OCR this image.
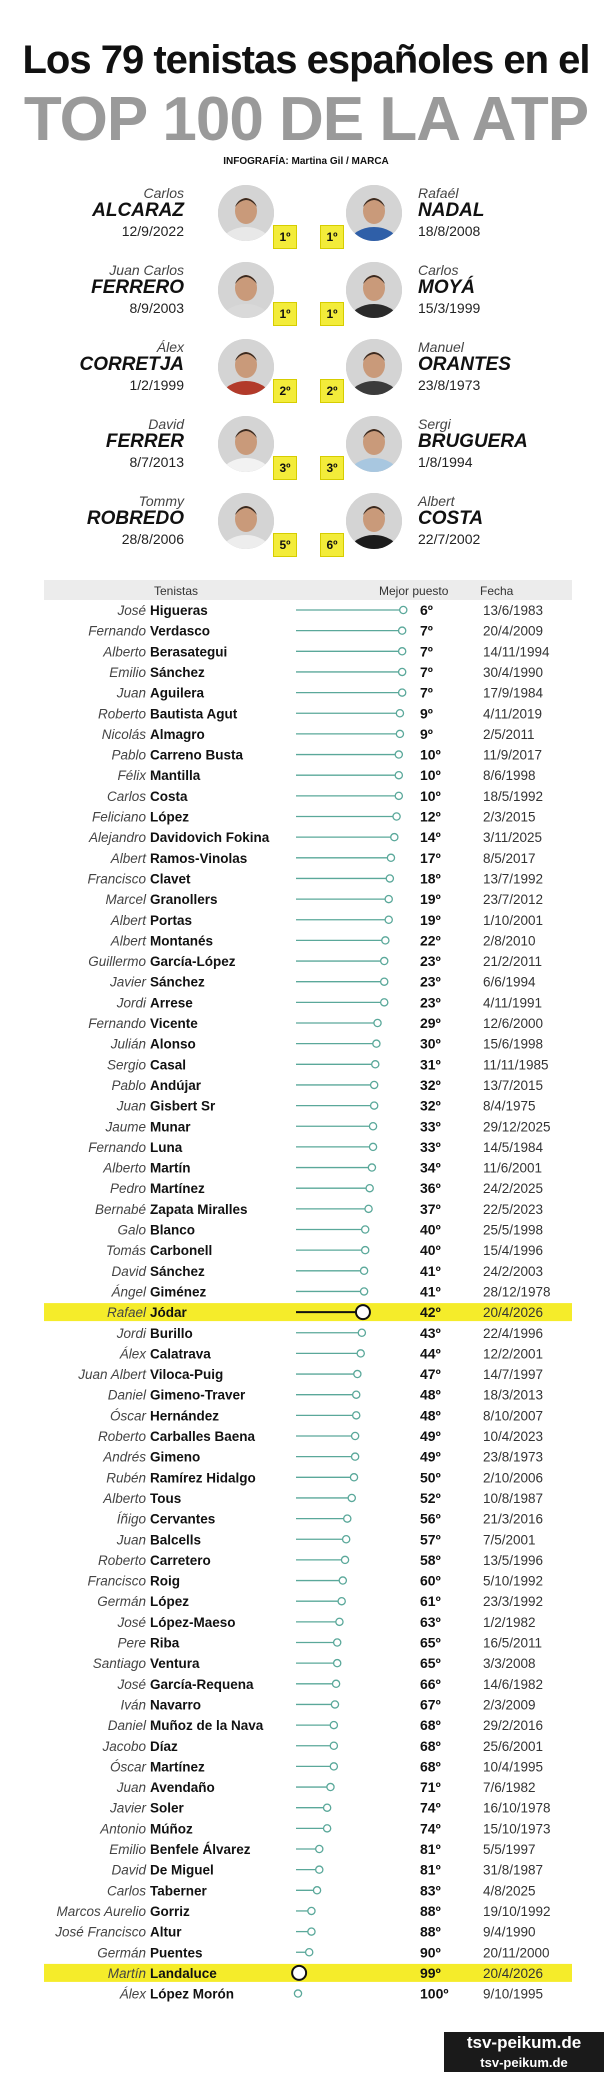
Los 79 tenistas españoles en el
TOP 100 DE LA ATP
INFOGRAFÍA: Martina Gil / MARCA
Carlos
ALCARAZ
12/9/2022	1º	1º
Rafaél
NADAL
18/8/2008
Juan Carlos
FERRERO
8/9/2003	1º	1º
Carlos
MOYÁ
15/3/1999
Álex
CORRETJA
1/2/1999	2º	2º
Manuel
ORANTES
23/8/1973
David
FERRER
8/7/2013	3º	3º
Sergi
BRUGUERA
1/8/1994
Tommy
ROBREDO
28/8/2006	5º	6º
Albert
COSTA
22/7/2002
Tenistas	Mejor puesto	Fecha
José Higueras	6º	13/6/1983
Fernando Verdasco	7º	20/4/2009
Alberto Berasategui	7º	14/11/1994
Emilio Sánchez	7º	30/4/1990
Juan Aguilera	7º	17/9/1984
Roberto Bautista Agut	9º	4/11/2019
Nicolás Almagro	9º	2/5/2011
Pablo Carreno Busta	10º	11/9/2017
Félix Mantilla	10º	8/6/1998
Carlos Costa	10º	18/5/1992
Feliciano López	12º	2/3/2015
Alejandro Davidovich Fokina	14º	3/11/2025
Albert Ramos-Vinolas	17º	8/5/2017
Francisco Clavet	18º	13/7/1992
Marcel Granollers	19º	23/7/2012
Albert Portas	19º	1/10/2001
Albert Montanés	22º	2/8/2010
Guillermo García-López	23º	21/2/2011
Javier Sánchez	23º	6/6/1994
Jordi Arrese	23º	4/11/1991
Fernando Vicente	29º	12/6/2000
Julián Alonso	30º	15/6/1998
Sergio Casal	31º	11/11/1985
Pablo Andújar	32º	13/7/2015
Juan Gisbert Sr	32º	8/4/1975
Jaume Munar	33º	29/12/2025
Fernando Luna	33º	14/5/1984
Alberto Martín	34º	11/6/2001
Pedro Martínez	36º	24/2/2025
Bernabé Zapata Miralles	37º	22/5/2023
Galo Blanco	40º	25/5/1998
Tomás Carbonell	40º	15/4/1996
David Sánchez	41º	24/2/2003
Ángel Giménez	41º	28/12/1978
Rafael Jódar	42º	20/4/2026
Jordi Burillo	43º	22/4/1996
Álex Calatrava	44º	12/2/2001
Juan Albert Viloca-Puig	47º	14/7/1997
Daniel Gimeno-Traver	48º	18/3/2013
Óscar Hernández	48º	8/10/2007
Roberto Carballes Baena	49º	10/4/2023
Andrés Gimeno	49º	23/8/1973
Rubén Ramírez Hidalgo	50º	2/10/2006
Alberto Tous	52º	10/8/1987
Íñigo Cervantes	56º	21/3/2016
Juan Balcells	57º	7/5/2001
Roberto Carretero	58º	13/5/1996
Francisco Roig	60º	5/10/1992
Germán López	61º	23/3/1992
José López-Maeso	63º	1/2/1982
Pere Riba	65º	16/5/2011
Santiago Ventura	65º	3/3/2008
José García-Requena	66º	14/6/1982
Iván Navarro	67º	2/3/2009
Daniel Muñoz de la Nava	68º	29/2/2016
Jacobo Díaz	68º	25/6/2001
Óscar Martínez	68º	10/4/1995
Juan Avendaño	71º	7/6/1982
Javier Soler	74º	16/10/1978
Antonio Múñoz	74º	15/10/1973
Emilio Benfele Álvarez	81º	5/5/1997
David De Miguel	81º	31/8/1987
Carlos Taberner	83º	4/8/2025
Marcos Aurelio Gorriz	88º	19/10/1992
José Francisco Altur	88º	9/4/1990
Germán Puentes	90º	20/11/2000
Martín Landaluce	99º	20/4/2026
Álex López Morón	100º	9/10/1995
tsv-peikum.de
tsv-peikum.de
